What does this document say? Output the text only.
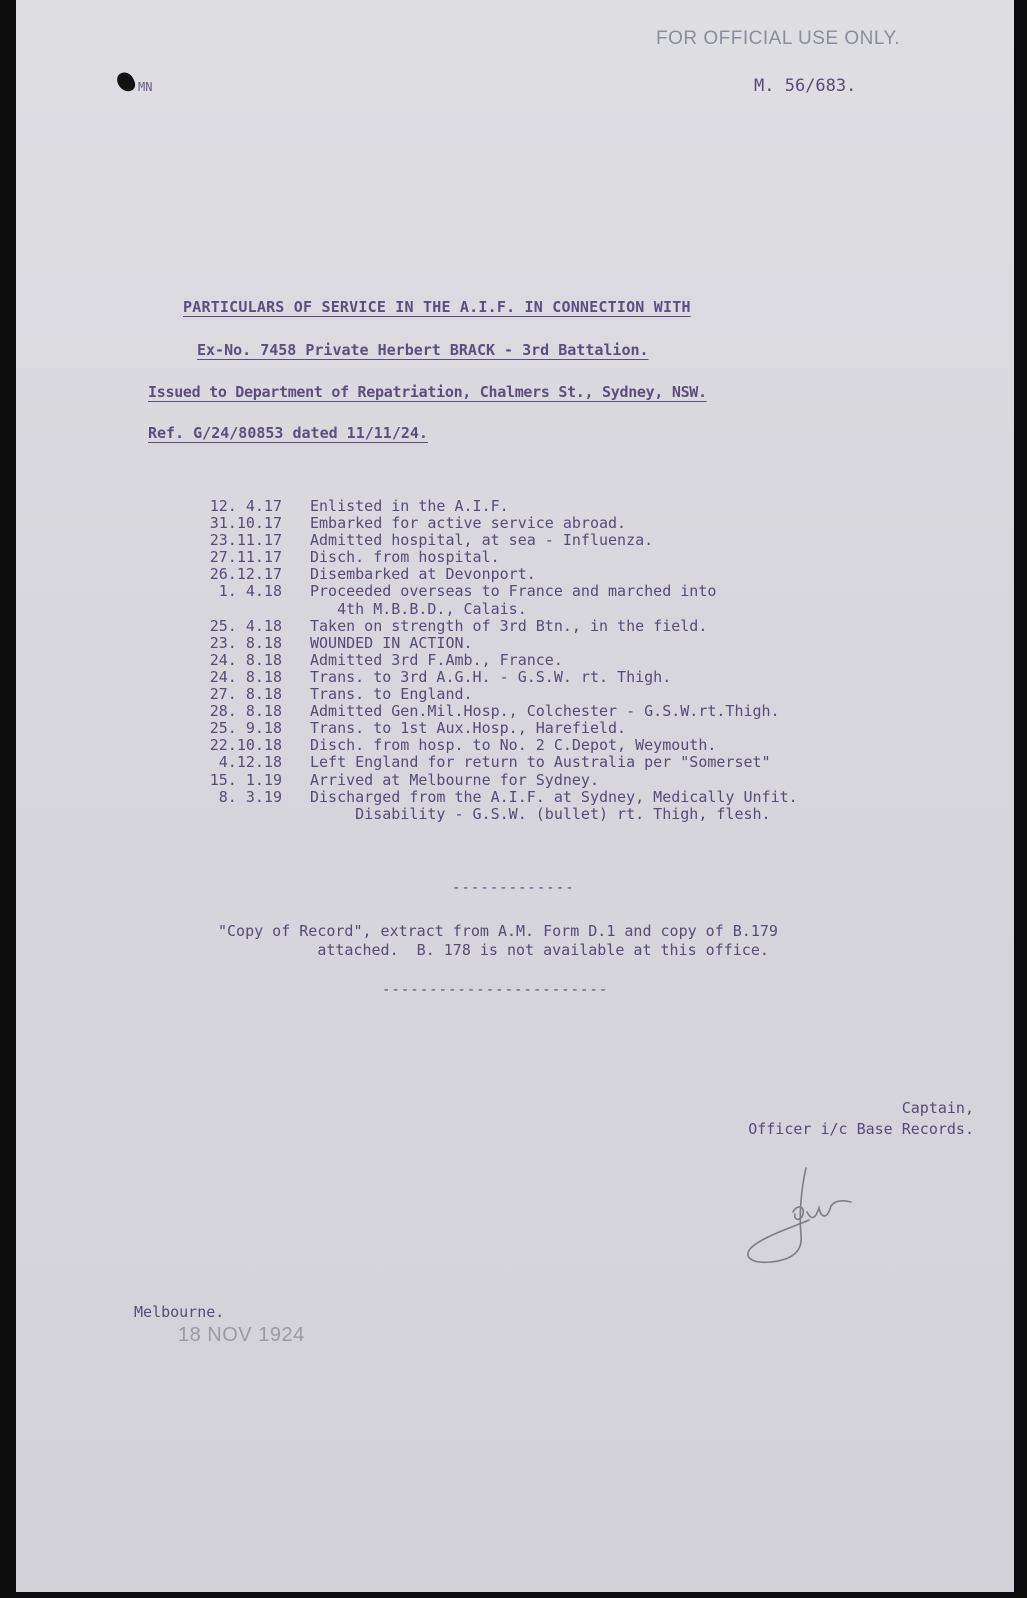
FOR OFFICIAL USE ONLY.
MN	M. 56/683.
PARTICULARS OF SERVICE IN THE A.I.F. IN CONNECTION WITH
Ex-No. 7458 Private Herbert BRACK - 3rd Battalion.
Issued to Department of Repatriation, Chalmers St., Sydney, NSW.
Ref. G/24/80853 dated 11/11/24.
12. 4.17	Enlisted in the A.I.F.
31.10.17	Embarked for active service abroad.
23.11.17	Admitted hospital, at sea - Influenza.
27.11.17	Disch. from hospital.
26.12.17	Disembarked at Devonport.
1. 4.18	Proceeded overseas to France and marched into
4th M.B.B.D., Calais.
25. 4.18	Taken on strength of 3rd Btn., in the field.
23. 8.18	WOUNDED IN ACTION.
24. 8.18	Admitted 3rd F.Amb., France.
24. 8.18	Trans. to 3rd A.G.H. - G.S.W. rt. Thigh.
27. 8.18	Trans. to England.
28. 8.18	Admitted Gen.Mil.Hosp., Colchester - G.S.W.rt.Thigh.
25. 9.18	Trans. to 1st Aux.Hosp., Harefield.
22.10.18	Disch. from hosp. to No. 2 C.Depot, Weymouth.
4.12.18	Left England for return to Australia per "Somerset"
15. 1.19	Arrived at Melbourne for Sydney.
8. 3.19	Discharged from the A.I.F. at Sydney, Medically Unfit.
Disability - G.S.W. (bullet) rt. Thigh, flesh.
-------------
"Copy of Record", extract from A.M. Form D.1 and copy of B.179
attached.  B. 178 is not available at this office.
------------------------
Captain,
Officer i/c Base Records.
Melbourne.
18 NOV 1924
